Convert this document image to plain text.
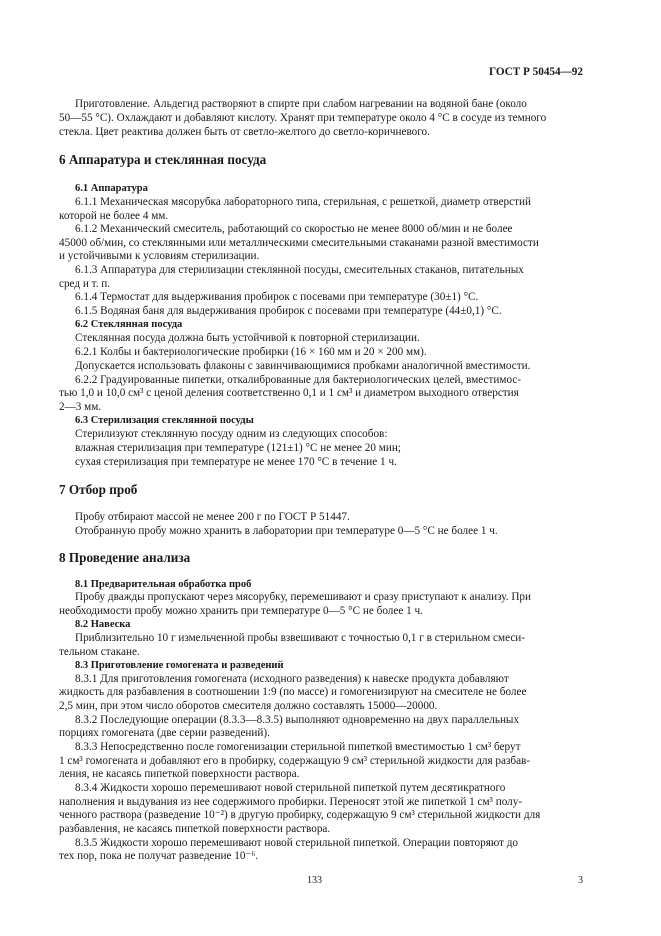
ГОСТ Р 50454—92
Приготовление. Альдегид растворяют в спирте при слабом нагревании на водяной бане (около
50—55 °С). Охлаждают и добавляют кислоту. Хранят при температуре около 4 °С в сосуде из темного
стекла. Цвет реактива должен быть от светло-желтого до светло-коричневого.
6 Аппаратура и стеклянная посуда
6.1 Аппаратура
6.1.1 Механическая мясорубка лабораторного типа, стерильная, с решеткой, диаметр отверстий
которой не более 4 мм.
6.1.2 Механический смеситель, работающий со скоростью не менее 8000 об/мин и не более
45000 об/мин, со стеклянными или металлическими смесительными стаканами разной вместимости
и устойчивыми к условиям стерилизации.
6.1.3 Аппаратура для стерилизации стеклянной посуды, смесительных стаканов, питательных
сред и т. п.
6.1.4 Термостат для выдерживания пробирок с посевами при температуре (30±1) °С.
6.1.5 Водяная баня для выдерживания пробирок с посевами при температуре (44±0,1) °С.
6.2 Стеклянная посуда
Стеклянная посуда должна быть устойчивой к повторной стерилизации.
6.2.1 Колбы и бактериологические пробирки (16 × 160 мм и 20 × 200 мм).
Допускается использовать флаконы с завинчивающимися пробками аналогичной вместимости.
6.2.2 Градуированные пипетки, откалиброванные для бактериологических целей, вместимос-
тью 1,0 и 10,0 см³ с ценой деления соответственно 0,1 и 1 см³ и диаметром выходного отверстия
2—3 мм.
6.3 Стерилизация стеклянной посуды
Стерилизуют стеклянную посуду одним из следующих способов:
влажная стерилизация при температуре (121±1) °С не менее 20 мин;
сухая стерилизация при температуре не менее 170 °С в течение 1 ч.
7 Отбор проб
Пробу отбирают массой не менее 200 г по ГОСТ Р 51447.
Отобранную пробу можно хранить в лаборатории при температуре 0—5 °С не более 1 ч.
8 Проведение анализа
8.1 Предварительная обработка проб
Пробу дважды пропускают через мясорубку, перемешивают и сразу приступают к анализу. При
необходимости пробу можно хранить при температуре 0—5 °С не более 1 ч.
8.2 Навеска
Приблизительно 10 г измельченной пробы взвешивают с точностью 0,1 г в стерильном смеси-
тельном стакане.
8.3 Приготовление гомогената и разведений
8.3.1 Для приготовления гомогената (исходного разведения) к навеске продукта добавляют
жидкость для разбавления в соотношении 1:9 (по массе) и гомогенизируют на смесителе не более
2,5 мин, при этом число оборотов смесителя должно составлять 15000—20000.
8.3.2 Последующие операции (8.3.3—8.3.5) выполняют одновременно на двух параллельных
порциях гомогената (две серии разведений).
8.3.3 Непосредственно после гомогенизации стерильной пипеткой вместимостью 1 см³ берут
1 см³ гомогената и добавляют его в пробирку, содержащую 9 см³ стерильной жидкости для разбав-
ления, не касаясь пипеткой поверхности раствора.
8.3.4 Жидкости хорошо перемешивают новой стерильной пипеткой путем десятикратного
наполнения и выдувания из нее содержимого пробирки. Переносят этой же пипеткой 1 см³ полу-
ченного раствора (разведение 10⁻²) в другую пробирку, содержащую 9 см³ стерильной жидкости для
разбавления, не касаясь пипеткой поверхности раствора.
8.3.5 Жидкости хорошо перемешивают новой стерильной пипеткой. Операции повторяют до
тех пор, пока не получат разведение 10⁻⁶.
133	3
